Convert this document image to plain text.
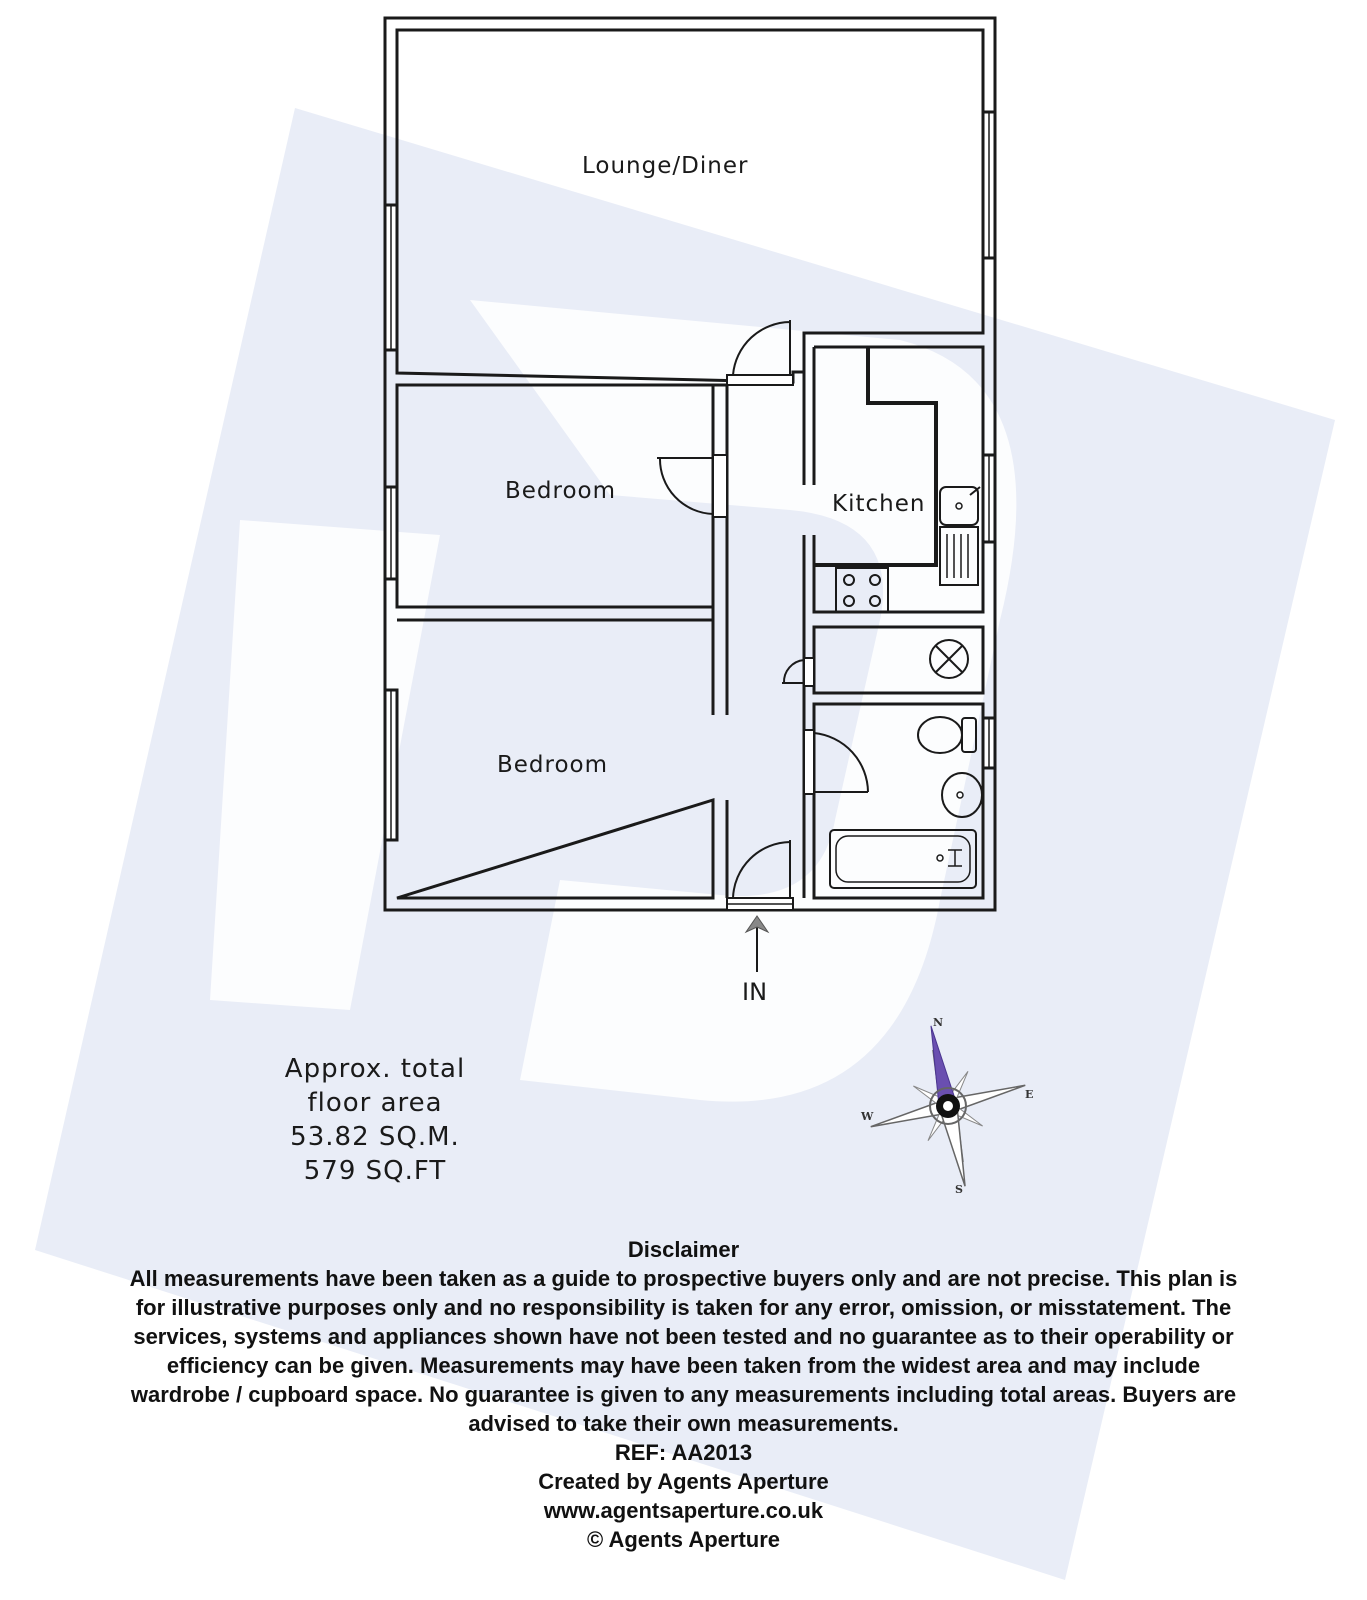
N
E
S
W
Lounge/Diner
Bedroom	Kitchen
Bedroom
IN
Approx. total
floor area
53.82 SQ.M.
579 SQ.FT
Disclaimer
All measurements have been taken as a guide to prospective buyers only and are not precise. This plan is
for illustrative purposes only and no responsibility is taken for any error, omission, or misstatement. The
services, systems and appliances shown have not been tested and no guarantee as to their operability or
efficiency can be given. Measurements may have been taken from the widest area and may include
wardrobe / cupboard space. No guarantee is given to any measurements including total areas. Buyers are
advised to take their own measurements.
REF: AA2013
Created by Agents Aperture
www.agentsaperture.co.uk
© Agents Aperture
